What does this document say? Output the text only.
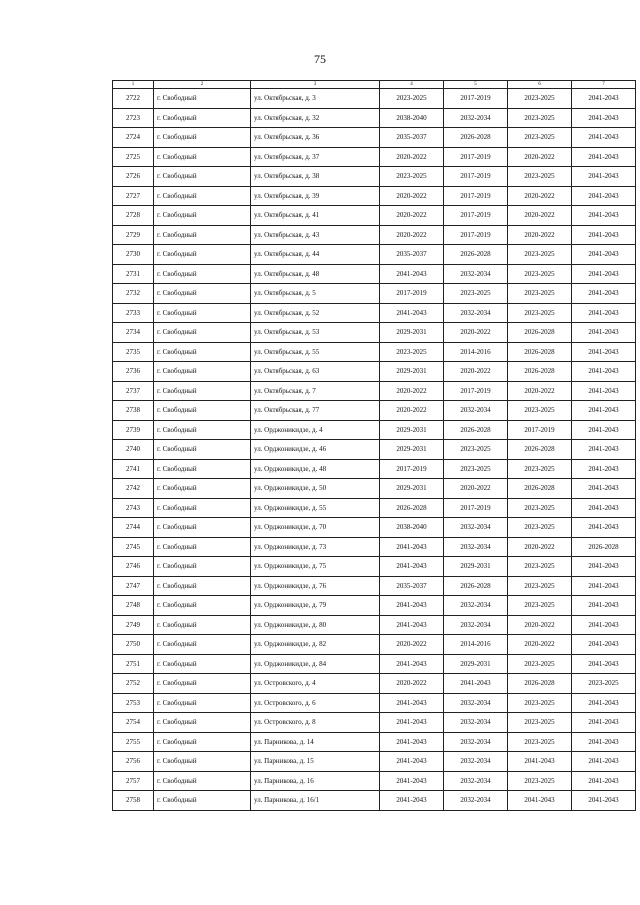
75
1	2	3	4	5	6	7
2722	г. Свободный	ул. Октябрьская, д. 3	2023-2025	2017-2019	2023-2025	2041-2043
2723	г. Свободный	ул. Октябрьская, д. 32	2038-2040	2032-2034	2023-2025	2041-2043
2724	г. Свободный	ул. Октябрьская, д. 36	2035-2037	2026-2028	2023-2025	2041-2043
2725	г. Свободный	ул. Октябрьская, д. 37	2020-2022	2017-2019	2020-2022	2041-2043
2726	г. Свободный	ул. Октябрьская, д. 38	2023-2025	2017-2019	2023-2025	2041-2043
2727	г. Свободный	ул. Октябрьская, д. 39	2020-2022	2017-2019	2020-2022	2041-2043
2728	г. Свободный	ул. Октябрьская, д. 41	2020-2022	2017-2019	2020-2022	2041-2043
2729	г. Свободный	ул. Октябрьская, д. 43	2020-2022	2017-2019	2020-2022	2041-2043
2730	г. Свободный	ул. Октябрьская, д. 44	2035-2037	2026-2028	2023-2025	2041-2043
2731	г. Свободный	ул. Октябрьская, д. 48	2041-2043	2032-2034	2023-2025	2041-2043
2732	г. Свободный	ул. Октябрьская, д. 5	2017-2019	2023-2025	2023-2025	2041-2043
2733	г. Свободный	ул. Октябрьская, д. 52	2041-2043	2032-2034	2023-2025	2041-2043
2734	г. Свободный	ул. Октябрьская, д. 53	2029-2031	2020-2022	2026-2028	2041-2043
2735	г. Свободный	ул. Октябрьская, д. 55	2023-2025	2014-2016	2026-2028	2041-2043
2736	г. Свободный	ул. Октябрьская, д. 63	2029-2031	2020-2022	2026-2028	2041-2043
2737	г. Свободный	ул. Октябрьская, д. 7	2020-2022	2017-2019	2020-2022	2041-2043
2738	г. Свободный	ул. Октябрьская, д. 77	2020-2022	2032-2034	2023-2025	2041-2043
2739	г. Свободный	ул. Орджоникидзе, д. 4	2029-2031	2026-2028	2017-2019	2041-2043
2740	г. Свободный	ул. Орджоникидзе, д. 46	2029-2031	2023-2025	2026-2028	2041-2043
2741	г. Свободный	ул. Орджоникидзе, д. 48	2017-2019	2023-2025	2023-2025	2041-2043
2742	г. Свободный	ул. Орджоникидзе, д. 50	2029-2031	2020-2022	2026-2028	2041-2043
2743	г. Свободный	ул. Орджоникидзе, д. 55	2026-2028	2017-2019	2023-2025	2041-2043
2744	г. Свободный	ул. Орджоникидзе, д. 70	2038-2040	2032-2034	2023-2025	2041-2043
2745	г. Свободный	ул. Орджоникидзе, д. 73	2041-2043	2032-2034	2020-2022	2026-2028
2746	г. Свободный	ул. Орджоникидзе, д. 75	2041-2043	2029-2031	2023-2025	2041-2043
2747	г. Свободный	ул. Орджоникидзе, д. 76	2035-2037	2026-2028	2023-2025	2041-2043
2748	г. Свободный	ул. Орджоникидзе, д. 79	2041-2043	2032-2034	2023-2025	2041-2043
2749	г. Свободный	ул. Орджоникидзе, д. 80	2041-2043	2032-2034	2020-2022	2041-2043
2750	г. Свободный	ул. Орджоникидзе, д. 82	2020-2022	2014-2016	2020-2022	2041-2043
2751	г. Свободный	ул. Орджоникидзе, д. 84	2041-2043	2029-2031	2023-2025	2041-2043
2752	г. Свободный	ул. Островского, д. 4	2020-2022	2041-2043	2026-2028	2023-2025
2753	г. Свободный	ул. Островского, д. 6	2041-2043	2032-2034	2023-2025	2041-2043
2754	г. Свободный	ул. Островского, д. 8	2041-2043	2032-2034	2023-2025	2041-2043
2755	г. Свободный	ул. Парникова, д. 14	2041-2043	2032-2034	2023-2025	2041-2043
2756	г. Свободный	ул. Парникова, д. 15	2041-2043	2032-2034	2041-2043	2041-2043
2757	г. Свободный	ул. Парникова, д. 16	2041-2043	2032-2034	2023-2025	2041-2043
2758	г. Свободный	ул. Парникова, д. 16/1	2041-2043	2032-2034	2041-2043	2041-2043
